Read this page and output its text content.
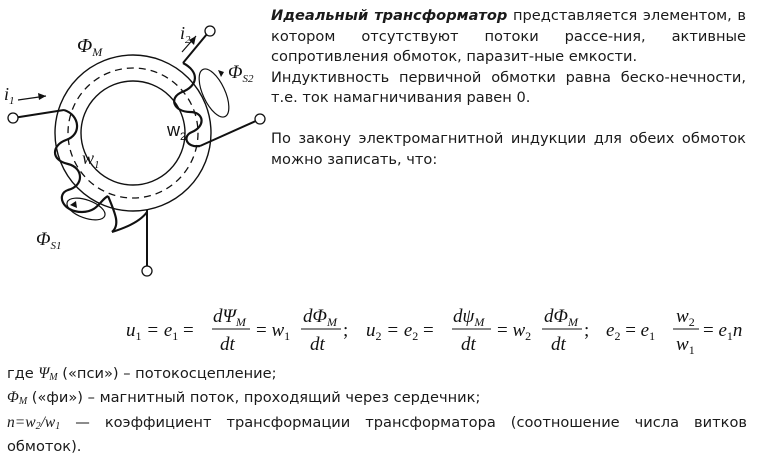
$\Phi_M$
$i_1$
$i_2$
$\Phi_{S2}$
$\Phi_{S1}$
$w_1$
$w_2$

Идеальный трансформатор представляется элементом, в котором отсутствуют потоки рассе-ния, активные сопротивления обмоток, паразит-ные емкости.

Индуктивность первичной обмотки равна беско-нечности, т.е. ток намагничивания равен 0.

По закону электромагнитной индукции для обеих обмоток можно записать, что:

$u_1 = e_1$ =
$d\Psi_M$
dt
= $w_1$
$d\Phi_M$
dt
; $u_2 = e_2$ =
$d\psi_M$
dt
= $w_2$
$d\Phi_M$
dt
; $e_2 = e_1$
$w_2$
$w_1$
= $e_1n$
где $\Psi_M$ («пси») – потокосцепление;
$\Phi_M$ («фи») – магнитный поток, проходящий через сердечник;
$n=w_2/w_1$ — коэффициент трансформации трансформатора (соотношение числа витков обмоток).
